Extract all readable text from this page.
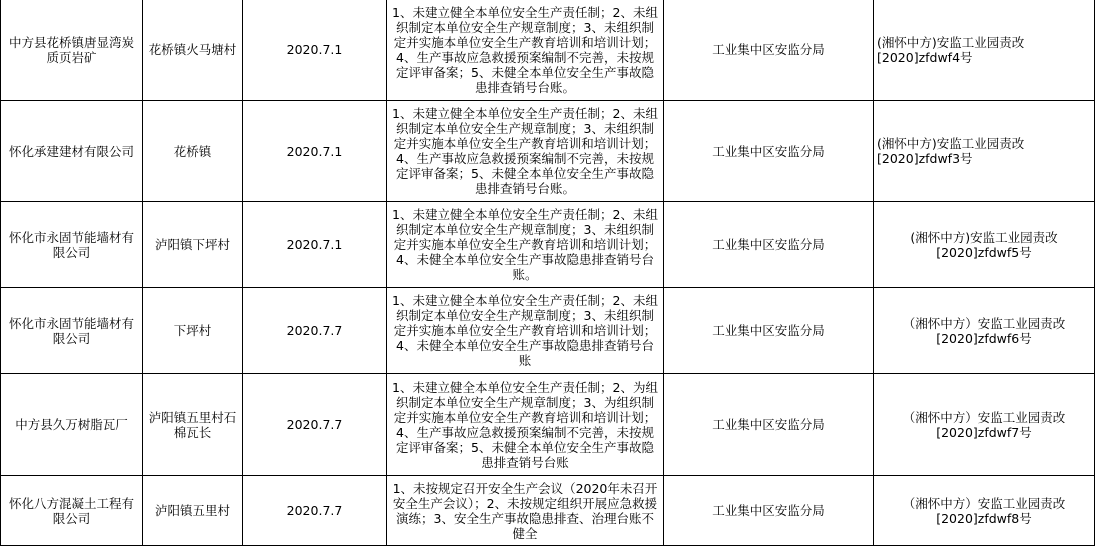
中方县花桥镇唐显湾炭质页岩矿	花桥镇火马塘村	2020.7.1	1、未建立健全本单位安全生产责任制；2、未组织制定本单位安全生产规章制度；3、未组织制定并实施本单位安全生产教育培训和培训计划；4、生产事故应急救援预案编制不完善，未按规定评审备案；5、未健全本单位安全生产事故隐患排查销号台账。	工业集中区安监分局	(湘怀中方)安监工业园责改
[2020]zfdwf4号
怀化承建建材有限公司	花桥镇	2020.7.1	1、未建立健全本单位安全生产责任制；2、未组织制定本单位安全生产规章制度；3、未组织制定并实施本单位安全生产教育培训和培训计划；4、生产事故应急救援预案编制不完善，未按规定评审备案；5、未健全本单位安全生产事故隐患排查销号台账。	工业集中区安监分局	(湘怀中方)安监工业园责改
[2020]zfdwf3号
怀化市永固节能墙材有限公司	泸阳镇下坪村	2020.7.1	1、未建立健全本单位安全生产责任制；2、未组织制定本单位安全生产规章制度；3、未组织制定并实施本单位安全生产教育培训和培训计划；4、未健全本单位安全生产事故隐患排查销号台账。	工业集中区安监分局	(湘怀中方)安监工业园责改
[2020]zfdwf5号
怀化市永固节能墙材有限公司	下坪村	2020.7.7	1、未建立健全本单位安全生产责任制；2、未组织制定本单位安全生产规章制度；3、未组织制定并实施本单位安全生产教育培训和培训计划；4、未健全本单位安全生产事故隐患排查销号台账	工业集中区安监分局	（湘怀中方）安监工业园责改
[2020]zfdwf6号
中方县久万树脂瓦厂	泸阳镇五里村石棉瓦长	2020.7.7	1、未建立健全本单位安全生产责任制；2、为组织制定本单位安全生产规章制度；3、为组织制定并实施本单位安全生产教育培训和培训计划；4、生产事故应急救援预案编制不完善，未按规定评审备案；5、未健全本单位安全生产事故隐患排查销号台账	工业集中区安监分局	（湘怀中方）安监工业园责改
[2020]zfdwf7号
怀化八方混凝土工程有限公司	泸阳镇五里村	2020.7.7	1、未按规定召开安全生产会议（2020年未召开安全生产会议）；2、未按规定组织开展应急救援演练；3、安全生产事故隐患排查、治理台账不健全	工业集中区安监分局	（湘怀中方）安监工业园责改
[2020]zfdwf8号
